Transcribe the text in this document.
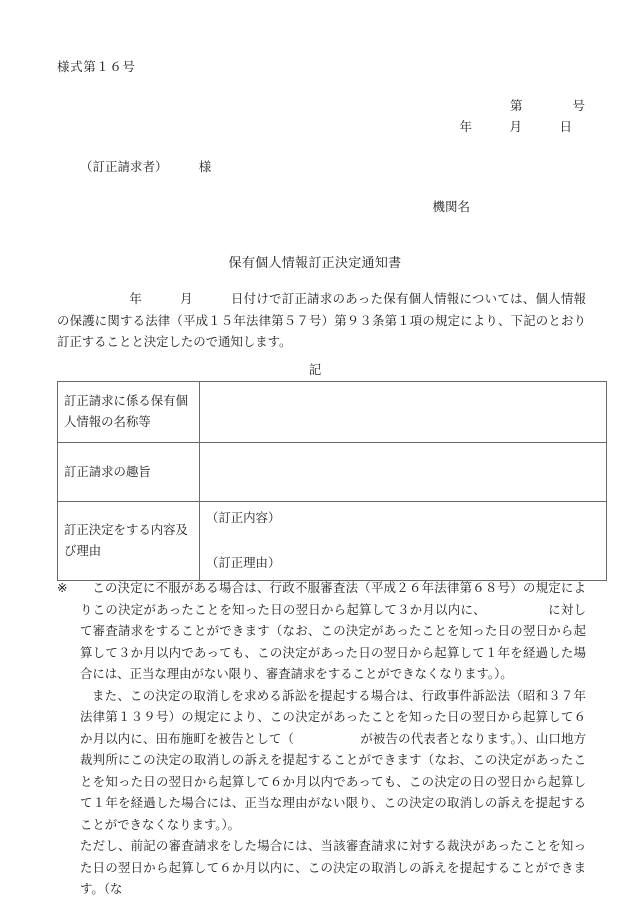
様式第１６号
第　　　　号
年　　　月　　　日
（訂正請求者）　　　様
機関名
保有個人情報訂正決定通知書
年　　　月　　　日付けで訂正請求のあった保有個人情報については、個人情報の保護に関する法律（平成１５年法律第５７号）第９３条第１項の規定により、下記のとおり訂正することと決定したので通知します。
記
訂正請求に係る保有個人情報の名称等	
訂正請求の趣旨	
訂正決定をする内容及び理由	（訂正内容）
（訂正理由）

※ この決定に不服がある場合は、行政不服審査法（平成２６年法律第６８号）の規定によりこの決定があったことを知った日の翌日から起算して３か月以内に、	に対して審査請求をすることができます（なお、この決定があったことを知った日の翌日から起算して３か月以内であっても、この決定があった日の翌日から起算して１年を経過した場合には、正当な理由がない限り、審査請求をすることができなくなります。）。

また、この決定の取消しを求める訴訟を提起する場合は、行政事件訴訟法（昭和３７年法律第１３９号）の規定により、この決定があったことを知った日の翌日から起算して６か月以内に、田布施町を被告として（	が被告の代表者となります。）、山口地方裁判所にこの決定の取消しの訴えを提起することができます（なお、この決定があったことを知った日の翌日から起算して６か月以内であっても、この決定の日の翌日から起算して１年を経過した場合には、正当な理由がない限り、この決定の取消しの訴えを提起することができなくなります。）。

ただし、前記の審査請求をした場合には、当該審査請求に対する裁決があったことを知った日の翌日から起算して６か月以内に、この決定の取消しの訴えを提起することができます。（な
